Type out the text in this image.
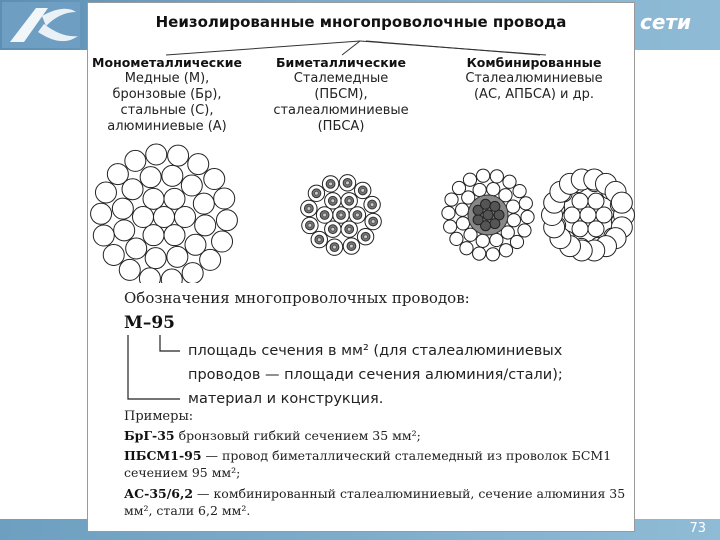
сети
73
Неизолированные многопроволочные провода
Монометаллические
Медные (М),
бронзовые (Бр),
стальные (С),
алюминиевые (А)
Биметаллические
Сталемедные
(ПБСМ),
сталеалюминиевые
(ПБСА)
Комбинированные
Сталеалюминиевые
(АС, АПБСА) и др.
Обозначения многопроволочных проводов:
М–95
площадь сечения в мм² (для сталеалюминиевых
проводов — площади сечения алюминия/стали);
материал и конструкция.
Примеры:
БрГ-35 бронзовый гибкий сечением 35 мм²;
ПБСМ1-95 — провод биметаллический сталемедный из проволок БСМ1 сечением 95 мм²;
АС-35/6,2 — комбинированный сталеалюминиевый, сечение алюминия 35 мм², стали 6,2 мм².
